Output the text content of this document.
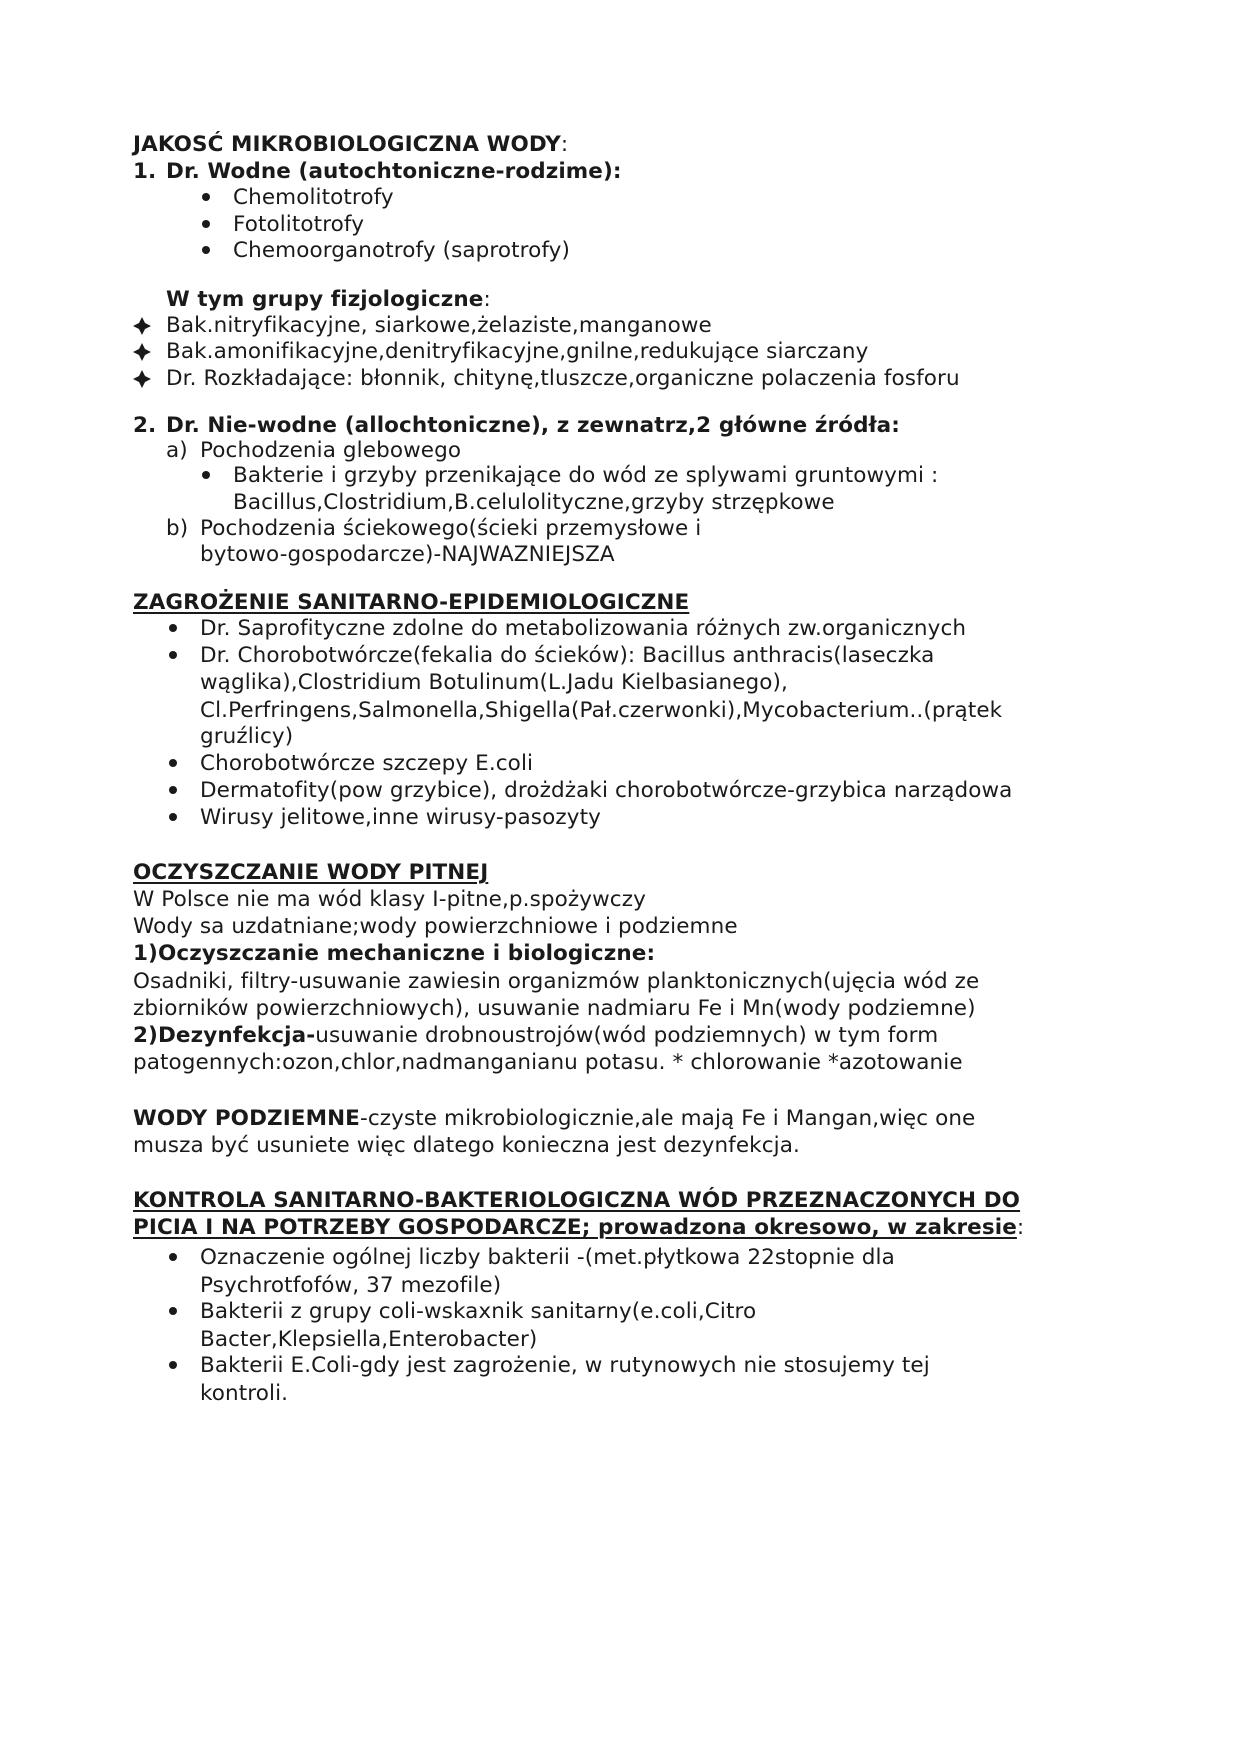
JAKOSĆ MIKROBIOLOGICZNA WODY:
1. Dr. Wodne (autochtoniczne-rodzime):
Chemolitotrofy
Fotolitotrofy
Chemoorganotrofy (saprotrofy)
W tym grupy fizjologiczne:
Bak.nitryfikacyjne, siarkowe,żelaziste,manganowe
Bak.amonifikacyjne,denitryfikacyjne,gnilne,redukujące siarczany
Dr. Rozkładające: błonnik, chitynę,tluszcze,organiczne polaczenia fosforu
2. Dr. Nie-wodne (allochtoniczne), z zewnatrz,2 główne źródła:
a) Pochodzenia glebowego
Bakterie i grzyby przenikające do wód ze splywami gruntowymi :
Bacillus,Clostridium,B.celulolityczne,grzyby strzępkowe
b) Pochodzenia ściekowego(ścieki przemysłowe i
bytowo-gospodarcze)-NAJWAZNIEJSZA
ZAGROŻENIE SANITARNO-EPIDEMIOLOGICZNE
Dr. Saprofityczne zdolne do metabolizowania różnych zw.organicznych
Dr. Chorobotwórcze(fekalia do ścieków): Bacillus anthracis(laseczka
wąglika),Clostridium Botulinum(L.Jadu Kielbasianego),
Cl.Perfringens,Salmonella,Shigella(Pał.czerwonki),Mycobacterium..(prątek
gruźlicy)
Chorobotwórcze szczepy E.coli
Dermatofity(pow grzybice), drożdżaki chorobotwórcze-grzybica narządowa
Wirusy jelitowe,inne wirusy-pasozyty
OCZYSZCZANIE WODY PITNEJ
W Polsce nie ma wód klasy I-pitne,p.spożywczy
Wody sa uzdatniane;wody powierzchniowe i podziemne
1)Oczyszczanie mechaniczne i biologiczne:
Osadniki, filtry-usuwanie zawiesin organizmów planktonicznych(ujęcia wód ze
zbiorników powierzchniowych), usuwanie nadmiaru Fe i Mn(wody podziemne)
2)Dezynfekcja-usuwanie drobnoustrojów(wód podziemnych) w tym form
patogennych:ozon,chlor,nadmanganianu potasu. * chlorowanie *azotowanie
WODY PODZIEMNE-czyste mikrobiologicznie,ale mają Fe i Mangan,więc one
musza być usuniete więc dlatego konieczna jest dezynfekcja.
KONTROLA SANITARNO-BAKTERIOLOGICZNA WÓD PRZEZNACZONYCH DO
PICIA I NA POTRZEBY GOSPODARCZE; prowadzona okresowo, w zakresie:
Oznaczenie ogólnej liczby bakterii -(met.płytkowa 22stopnie dla
Psychrotfofów, 37 mezofile)
Bakterii z grupy coli-wskaxnik sanitarny(e.coli,Citro
Bacter,Klepsiella,Enterobacter)
Bakterii E.Coli-gdy jest zagrożenie, w rutynowych nie stosujemy tej
kontroli.
